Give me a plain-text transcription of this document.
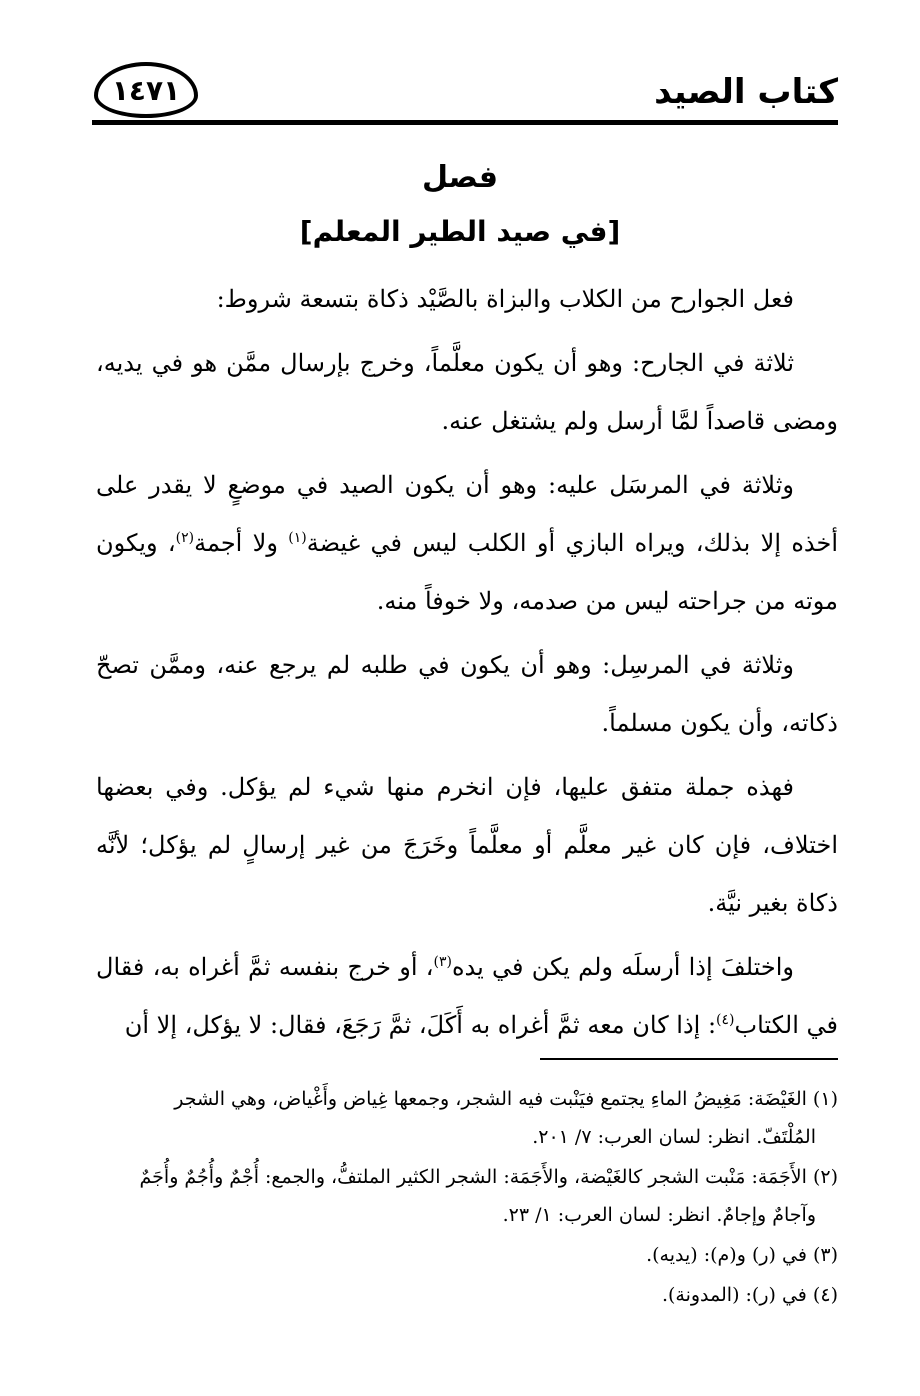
كتاب الصيد
١٤٧١
فصل
[في صيد الطير المعلم]

فعل الجوارح من الكلاب والبزاة بالصَّيْد ذكاة بتسعة شروط:

ثلاثة في الجارح: وهو أن يكون معلَّماً، وخرج بإرسال ممَّن هو في يديه، ومضى قاصداً لمَّا أرسل ولم يشتغل عنه.

وثلاثة في المرسَل عليه: وهو أن يكون الصيد في موضعٍ لا يقدر على أخذه إلا بذلك، ويراه البازي أو الكلب ليس في غيضة$^{(١)}$ ولا أجمة$^{(٢)}$، ويكون موته من جراحته ليس من صدمه، ولا خوفاً منه.

وثلاثة في المرسِل: وهو أن يكون في طلبه لم يرجع عنه، وممَّن تصحّ ذكاته، وأن يكون مسلماً.

فهذه جملة متفق عليها، فإن انخرم منها شيء لم يؤكل. وفي بعضها اختلاف، فإن كان غير معلَّم أو معلَّماً وخَرَجَ من غير إرسالٍ لم يؤكل؛ لأنَّه ذكاة بغير نيَّة.

واختلفَ إذا أرسلَه ولم يكن في يده$^{(٣)}$، أو خرج بنفسه ثمَّ أغراه به، فقال في الكتاب$^{(٤)}$: إذا كان معه ثمَّ أغراه به أَكَلَ، ثمَّ رَجَعَ، فقال: لا يؤكل، إلا أن

(١) الغَيْضَة: مَغِيضُ الماءِ يجتمع فيَنْبت فيه الشجر، وجمعها غِياض وأَغْياض، وهي الشجر
المُلْتَفّ. انظر: لسان العرب: ٧/ ٢٠١.

(٢) الأَجَمَة: مَنْبت الشجر كالغَيْضة، والأَجَمَة: الشجر الكثير الملتفُّ، والجمع: أُجْمٌ وأُجُمٌ وأُجَمٌ
وآجامٌ وإجامٌ. انظر: لسان العرب: ١/ ٢٣.

(٣) في (ر) و(م): (يديه).

(٤) في (ر): (المدونة).
